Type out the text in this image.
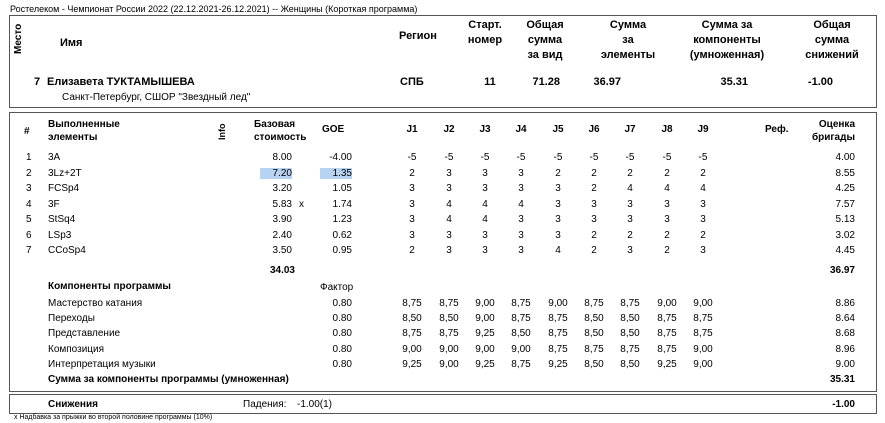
Ростелеком - Чемпионат России 2022 (22.12.2021-26.12.2021) -- Женщины (Короткая программа)
Место	Имя
Регион
Старт.
номер
Общая
сумма
за вид
Сумма
за
элементы
Сумма за
компоненты
(умноженная)
Общая
сумма
снижений
7 Елизавета ТУКТАМЫШЕВА
Санкт-Петербург, СШОР "Звездный лед"
СПБ	11	71.28	36.97	35.31	-1.00
#
Выполненные
элементы	Info	Базовая
стоимость
GOE	J1	J2	J3	J4	J5	J6	J7	J8	J9	Реф.	Оценка
бригады
1 3A	8.00	-4.00	-5	-5	-5	-5	-5	-5	-5	-5	-5	4.00
2 3Lz+2T	7.20	1.35	2	3	3	3	2	2	2	2	2	8.55
3 FCSp4	3.20	1.05	3	3	3	3	3	2	4	4	4	4.25
4 3F	5.83 x	1.74	3	4	4	4	3	3	3	3	3	7.57
5 StSq4	3.90	1.23	3	4	4	3	3	3	3	3	3	5.13
6 LSp3	2.40	0.62	3	3	3	3	3	2	2	2	2	3.02
7 CCoSp4	3.50	0.95	2	3	3	3	4	2	3	2	3	4.45
34.03	36.97
Компоненты программы	Фактор
Мастерство катания	0.80	8,75	8,75	9,00	8,75	9,00	8,75	8,75	9,00	9,00	8.86
Переходы	0.80	8,50	8,50	9,00	8,75	8,75	8,50	8,50	8,75	8,75	8.64
Представление	0.80	8,75	8,75	9,25	8,50	8,75	8,50	8,50	8,75	8,75	8.68
Композиция	0.80	9,00	9,00	9,00	9,00	8,75	8,75	8,75	8,75	9,00	8.96
Интерпретация музыки	0.80	9,25	9,00	9,25	8,75	9,25	8,50	8,50	9,25	9,00	9.00
Сумма за компоненты программы (умноженная)	35.31
Снижения	Падения: -1.00(1)	-1.00
x Надбавка за прыжки во второй половине программы (10%)
